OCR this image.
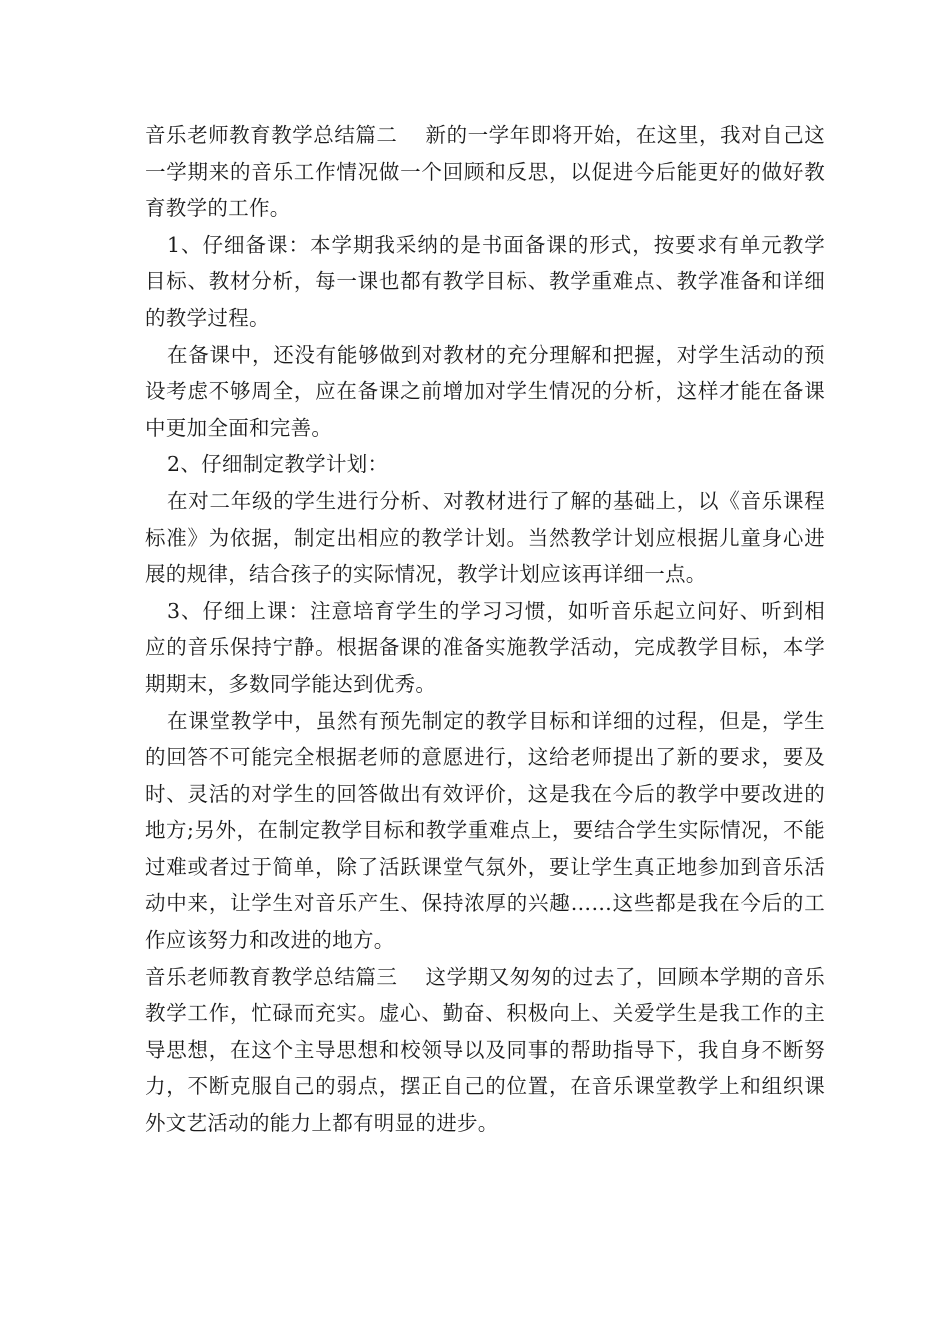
音乐老师教育教学总结篇二　 新的一学年即将开始，在这里，我对自己这一学期来的音乐工作情况做一个回顾和反思，以促进今后能更好的做好教育教学的工作。

1、仔细备课：本学期我采纳的是书面备课的形式，按要求有单元教学目标、教材分析，每一课也都有教学目标、教学重难点、教学准备和详细的教学过程。

在备课中，还没有能够做到对教材的充分理解和把握，对学生活动的预设考虑不够周全，应在备课之前增加对学生情况的分析，这样才能在备课中更加全面和完善。

2、仔细制定教学计划：

在对二年级的学生进行分析、对教材进行了解的基础上，以《音乐课程标准》为依据，制定出相应的教学计划。当然教学计划应根据儿童身心进展的规律，结合孩子的实际情况，教学计划应该再详细一点。

3、仔细上课：注意培育学生的学习习惯，如听音乐起立问好、听到相应的音乐保持宁静。根据备课的准备实施教学活动，完成教学目标，本学期期末，多数同学能达到优秀。

在课堂教学中，虽然有预先制定的教学目标和详细的过程，但是，学生的回答不可能完全根据老师的意愿进行，这给老师提出了新的要求，要及时、灵活的对学生的回答做出有效评价，这是我在今后的教学中要改进的地方;另外，在制定教学目标和教学重难点上，要结合学生实际情况，不能过难或者过于简单，除了活跃课堂气氛外，要让学生真正地参加到音乐活动中来，让学生对音乐产生、保持浓厚的兴趣……这些都是我在今后的工作应该努力和改进的地方。

音乐老师教育教学总结篇三　 这学期又匆匆的过去了，回顾本学期的音乐教学工作，忙碌而充实。虚心、勤奋、积极向上、关爱学生是我工作的主导思想，在这个主导思想和校领导以及同事的帮助指导下，我自身不断努力，不断克服自己的弱点，摆正自己的位置，在音乐课堂教学上和组织课外文艺活动的能力上都有明显的进步。
